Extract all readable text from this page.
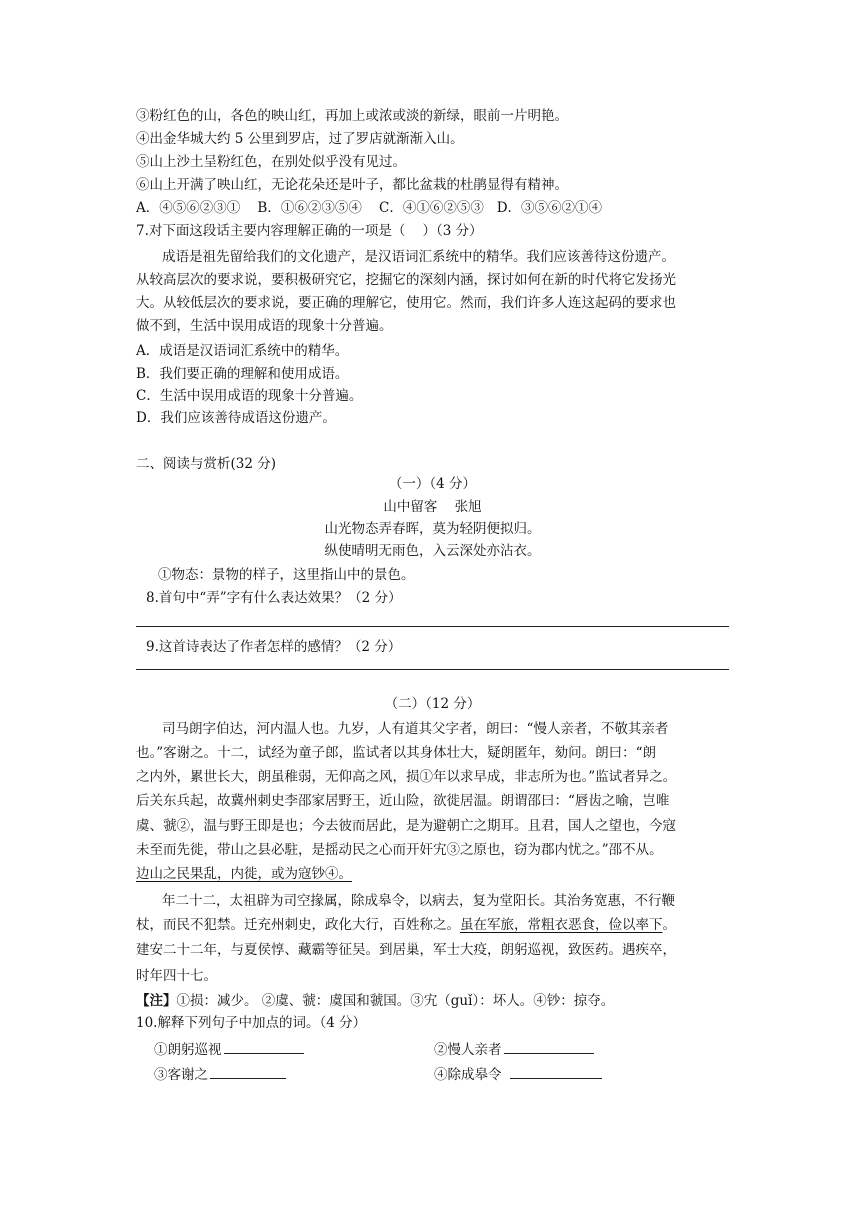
③粉红色的山，各色的映山红，再加上或浓或淡的新绿，眼前一片明艳。
④出金华城大约 5 公里到罗店，过了罗店就渐渐入山。
⑤山上沙土呈粉红色，在别处似乎没有见过。
⑥山上开满了映山红，无论花朵还是叶子，都比盆栽的杜鹃显得有精神。
A．④⑤⑥②③①    B．①⑥②③⑤④    C．④①⑥②⑤③   D．③⑤⑥②①④
7.对下面这段话主要内容理解正确的一项是（    ）（3 分）
成语是祖先留给我们的文化遗产，是汉语词汇系统中的精华。我们应该善待这份遗产。
从较高层次的要求说，要积极研究它，挖掘它的深刻内涵，探讨如何在新的时代将它发扬光
大。从较低层次的要求说，要正确的理解它，使用它。然而，我们许多人连这起码的要求也
做不到，生活中误用成语的现象十分普遍。
A．成语是汉语词汇系统中的精华。
B．我们要正确的理解和使用成语。
C．生活中误用成语的现象十分普遍。
D．我们应该善待成语这份遗产。
二、阅读与赏析(32 分)
（一）（4 分）
山中留客    张旭
山光物态弄春晖，莫为轻阴便拟归。
纵使晴明无雨色，入云深处亦沾衣。
①物态：景物的样子，这里指山中的景色。
8.首句中“弄”字有什么表达效果？（2 分）
9.这首诗表达了作者怎样的感情？（2 分）
（二）（12 分）
司马朗字伯达，河内温人也。九岁，人有道其父字者，朗曰：“慢人亲者，不敬其亲者
也。”客谢之。十二，试经为童子郎，监试者以其身体壮大，疑朗匿年，劾问。朗曰：“朗
之内外，累世长大，朗虽稚弱，无仰高之风，损①年以求早成，非志所为也。”监试者异之。
后关东兵起，故冀州刺史李邵家居野王，近山险，欲徙居温。朗谓邵曰：“唇齿之喻，岂唯
虞、虢②，温与野王即是也；今去彼而居此，是为避朝亡之期耳。且君，国人之望也，今寇
未至而先徙，带山之县必駐，是摇动民之心而开奸宄③之原也，窃为郡内忧之。”邵不从。
边山之民果乱，内徙，或为寇钞④。
年二十二，太祖辟为司空掾属，除成皋令，以病去，复为堂阳长。其治务宽惠，不行鞭
杖，而民不犯禁。迁充州刺史，政化大行，百姓称之。虽在军旅，常粗衣恶食，俭以率下。
建安二十二年，与夏侯惇、藏霸等征吴。到居巢，军士大疫，朗躬巡视，致医药。遇疾卒，
时年四十七。
【注】①损：减少。 ②虞、虢：虞国和虢国。③宄（guǐ）：坏人。④钞：掠夺。
10.解释下列句子中加点的词。（4 分）
①朗躬巡视	②慢人亲者
③客谢之	④除成皋令
